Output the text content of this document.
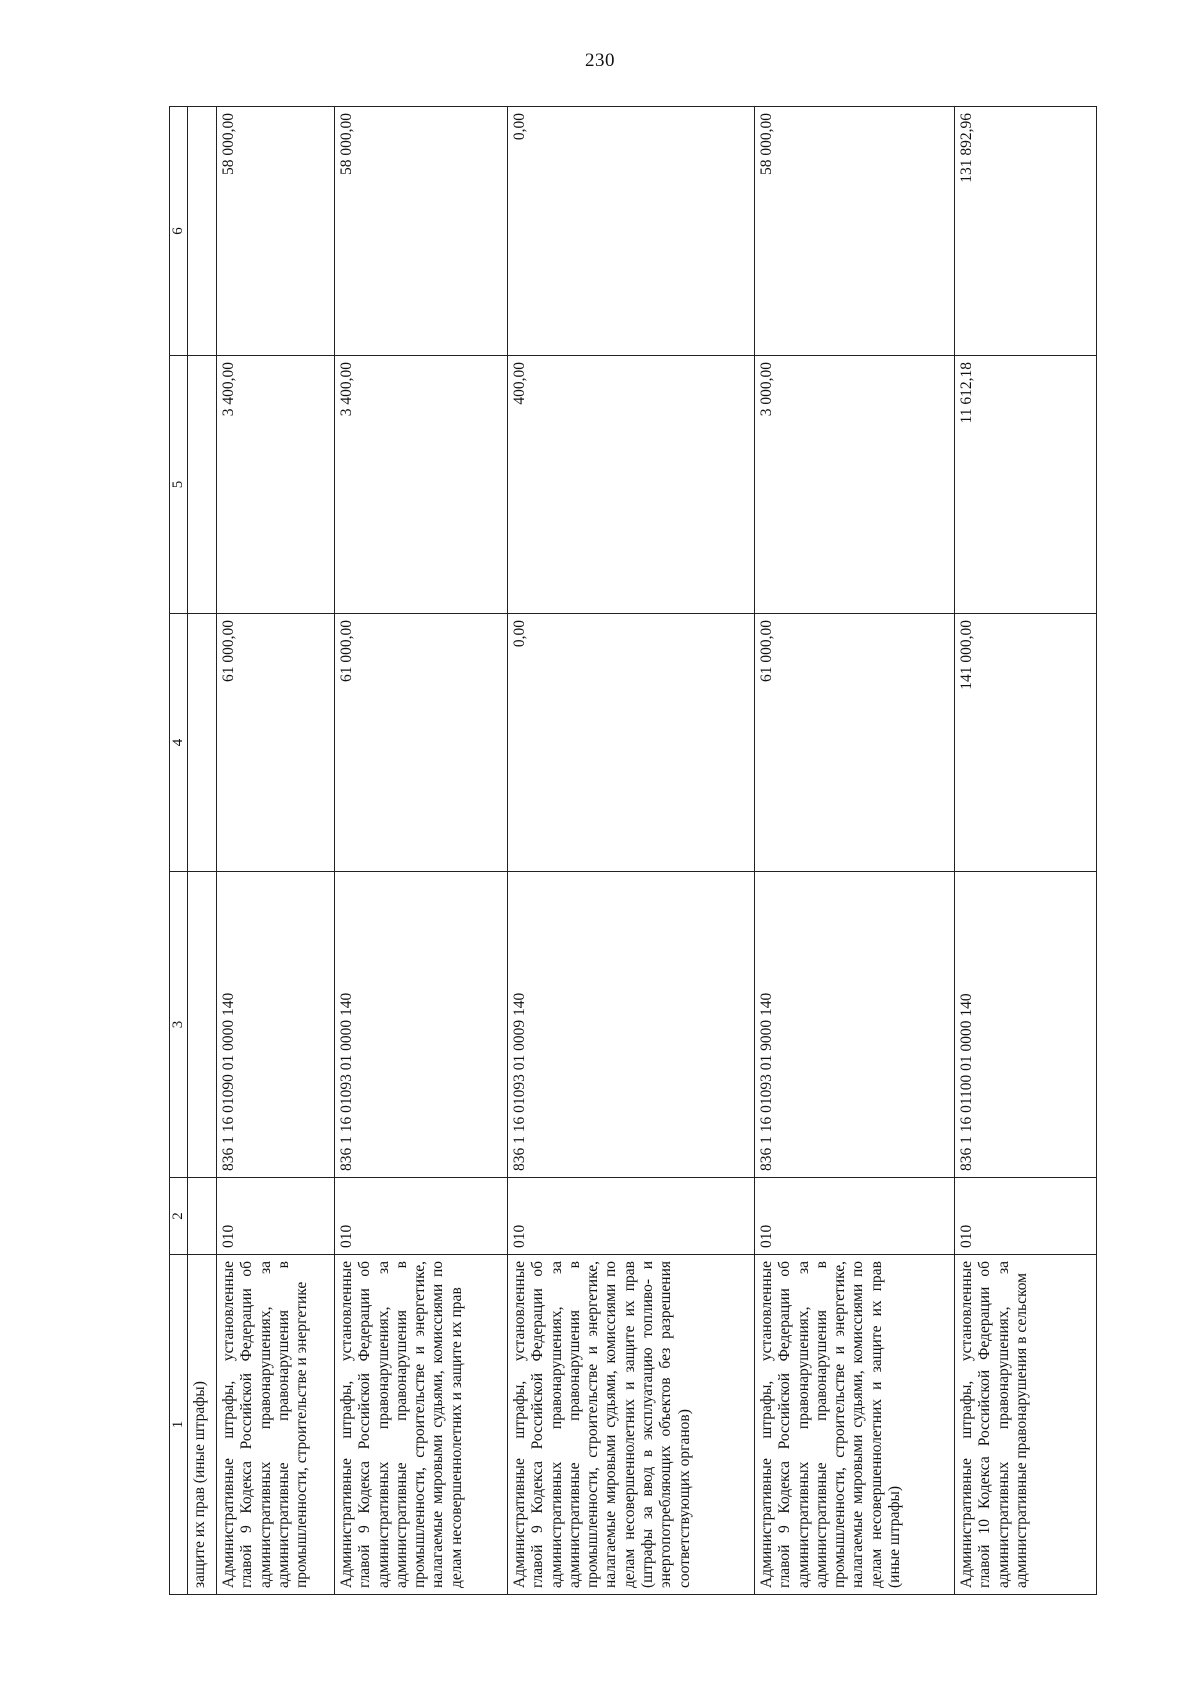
230
1	2	3	4	5	6
защите их прав (иные штрафы)					
Административные штрафы, установленные главой 9 Кодекса Российской Федерации об административных правонарушениях, за административные правонарушения в промышленности, строительстве и энергетике	010	836 1 16 01090 01 0000 140	61 000,00	3 400,00	58 000,00
Административные штрафы, установленные главой 9 Кодекса Российской Федерации об административных правонарушениях, за административные правонарушения в промышленности, строительстве и энергетике, налагаемые мировыми судьями, комиссиями по делам несовершеннолетних и защите их прав	010	836 1 16 01093 01 0000 140	61 000,00	3 400,00	58 000,00
Административные штрафы, установленные главой 9 Кодекса Российской Федерации об административных правонарушениях, за административные правонарушения в промышленности, строительстве и энергетике, налагаемые мировыми судьями, комиссиями по делам несовершеннолетних и защите их прав (штрафы за ввод в эксплуатацию топливо- и энергопотребляющих объектов без разрешения соответствующих органов)	010	836 1 16 01093 01 0009 140	0,00	400,00	0,00
Административные штрафы, установленные главой 9 Кодекса Российской Федерации об административных правонарушениях, за административные правонарушения в промышленности, строительстве и энергетике, налагаемые мировыми судьями, комиссиями по делам несовершеннолетних и защите их прав (иные штрафы)	010	836 1 16 01093 01 9000 140	61 000,00	3 000,00	58 000,00
Административные штрафы, установленные главой 10 Кодекса Российской Федерации об административных правонарушениях, за административные правонарушения в сельском	010	836 1 16 01100 01 0000 140	141 000,00	11 612,18	131 892,96
